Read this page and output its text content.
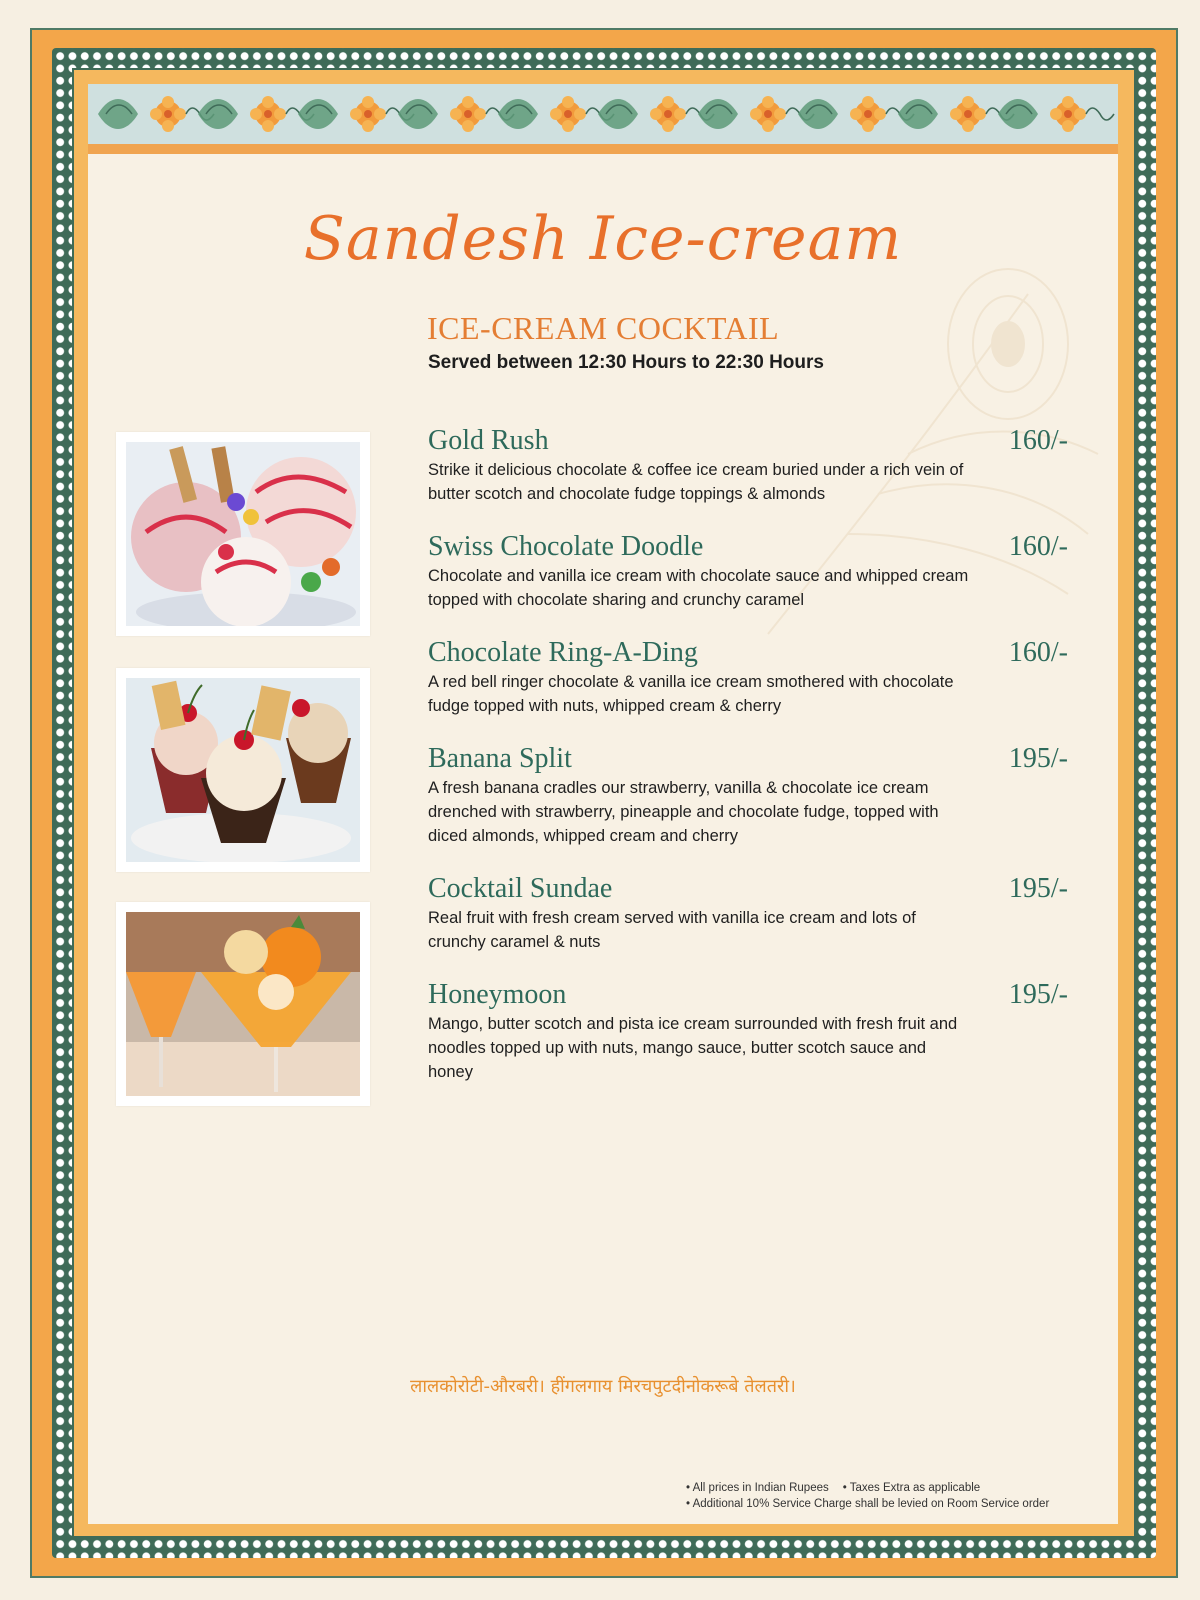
Sandesh Ice-cream
ICE-CREAM COCKTAIL
Served between 12:30 Hours to 22:30 Hours
Gold Rush	160/-
Strike it delicious chocolate & coffee ice cream buried under a rich vein of butter scotch and chocolate fudge toppings & almonds
Swiss Chocolate Doodle	160/-
Chocolate and vanilla ice cream with chocolate sauce and whipped cream topped with chocolate sharing and crunchy caramel
Chocolate Ring-A-Ding	160/-
A red bell ringer chocolate & vanilla ice cream smothered with chocolate fudge topped with nuts, whipped cream & cherry
Banana Split	195/-
A fresh banana cradles our strawberry, vanilla & chocolate ice cream drenched with strawberry, pineapple and chocolate fudge, topped with diced almonds, whipped cream and cherry
Cocktail Sundae	195/-
Real fruit with fresh cream served with vanilla ice cream and lots of crunchy caramel & nuts
Honeymoon	195/-
Mango, butter scotch and pista ice cream surrounded with fresh fruit and noodles topped up with nuts, mango sauce, butter scotch sauce and honey
लालकोरोटी-औरबरी। हींगलगाय मिरचपुटदीनोकरूबे तेलतरी।
• All prices in Indian Rupees • Taxes Extra as applicable
• Additional 10% Service Charge shall be levied on Room Service order
